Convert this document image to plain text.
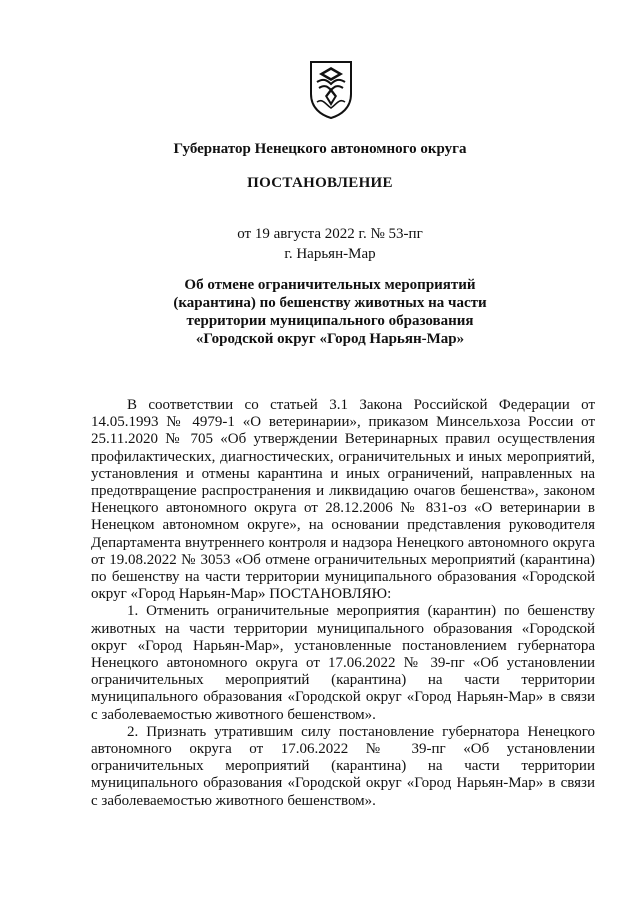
Губернатор Ненецкого автономного округа
ПОСТАНОВЛЕНИЕ
от 19 августа 2022 г. № 53-пг
г. Нарьян-Мар
Об отмене ограничительных мероприятий
(карантина) по бешенству животных на части
территории муниципального образования
«Городской округ «Город Нарьян-Мар»

В соответствии со статьей 3.1 Закона Российской Федерации от 14.05.1993 № 4979-1 «О ветеринарии», приказом Минсельхоза России от 25.11.2020 № 705 «Об утверждении Ветеринарных правил осуществления профилактических, диагностических, ограничительных и иных мероприятий, установления и отмены карантина и иных ограничений, направленных на предотвращение распространения и ликвидацию очагов бешенства», законом Ненецкого автономного округа от 28.12.2006 № 831-оз «О ветеринарии в Ненецком автономном округе», на основании представления руководителя Департамента внутреннего контроля и надзора Ненецкого автономного округа от 19.08.2022 № 3053 «Об отмене ограничительных мероприятий (карантина) по бешенству на части территории муниципального образования «Городской округ «Город Нарьян-Мар» ПОСТАНОВЛЯЮ:

1. Отменить ограничительные мероприятия (карантин) по бешенству животных на части территории муниципального образования «Городской округ «Город Нарьян-Мар», установленные постановлением губернатора Ненецкого автономного округа от 17.06.2022 № 39-пг «Об установлении ограничительных мероприятий (карантина) на части территории муниципального образования «Городской округ «Город Нарьян-Мар» в связи с заболеваемостью животного бешенством».

2. Признать утратившим силу постановление губернатора Ненецкого автономного округа от 17.06.2022 № 39-пг «Об установлении ограничительных мероприятий (карантина) на части территории муниципального образования «Городской округ «Город Нарьян-Мар» в связи с заболеваемостью животного бешенством».
